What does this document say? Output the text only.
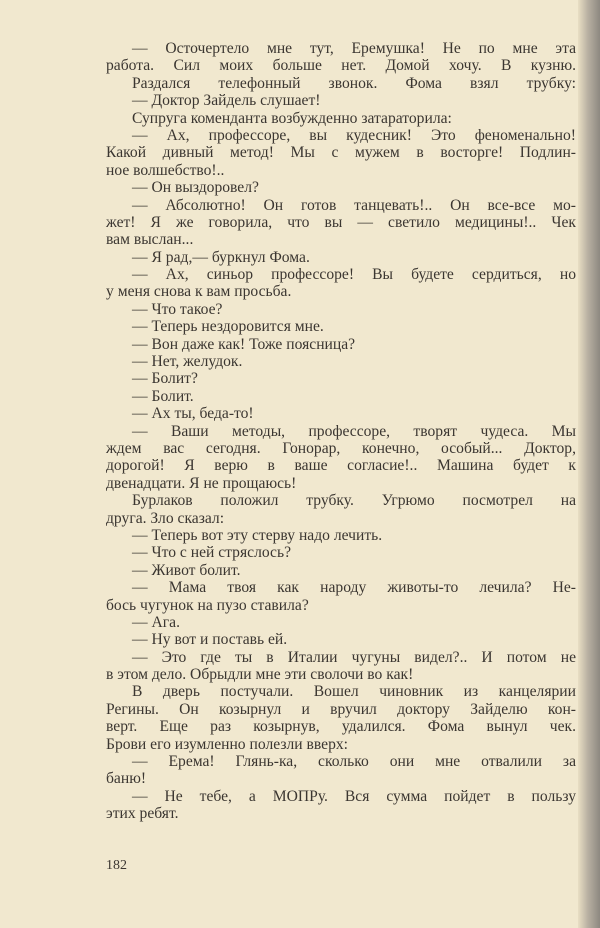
— Осточертело мне тут, Еремушка! Не по мне эта
работа. Сил моих больше нет. Домой хочу. В кузню.
Раздался телефонный звонок. Фома взял трубку:
— Доктор Зайдель слушает!
Супруга коменданта возбужденно затараторила:
— Ах, профессоре, вы кудесник! Это феноменально!
Какой дивный метод! Мы с мужем в восторге! Подлин-
ное волшебство!..
— Он выздоровел?
— Абсолютно! Он готов танцевать!.. Он все-все мо-
жет! Я же говорила, что вы — светило медицины!.. Чек
вам выслан...
— Я рад,— буркнул Фома.
— Ах, синьор профессоре! Вы будете сердиться, но
у меня снова к вам просьба.
— Что такое?
— Теперь нездоровится мне.
— Вон даже как! Тоже поясница?
— Нет, желудок.
— Болит?
— Болит.
— Ах ты, беда-то!
— Ваши методы, профессоре, творят чудеса. Мы
ждем вас сегодня. Гонорар, конечно, особый... Доктор,
дорогой! Я верю в ваше согласие!.. Машина будет к
двенадцати. Я не прощаюсь!
Бурлаков положил трубку. Угрюмо посмотрел на
друга. Зло сказал:
— Теперь вот эту стерву надо лечить.
— Что с ней стряслось?
— Живот болит.
— Мама твоя как народу животы-то лечила? Не-
бось чугунок на пузо ставила?
— Ага.
— Ну вот и поставь ей.
— Это где ты в Италии чугуны видел?.. И потом не
в этом дело. Обрыдли мне эти сволочи во как!
В дверь постучали. Вошел чиновник из канцелярии
Регины. Он козырнул и вручил доктору Зайделю кон-
верт. Еще раз козырнув, удалился. Фома вынул чек.
Брови его изумленно полезли вверх:
— Ерема! Глянь-ка, сколько они мне отвалили за
баню!
— Не тебе, а МОПРу. Вся сумма пойдет в пользу
этих ребят.
182
